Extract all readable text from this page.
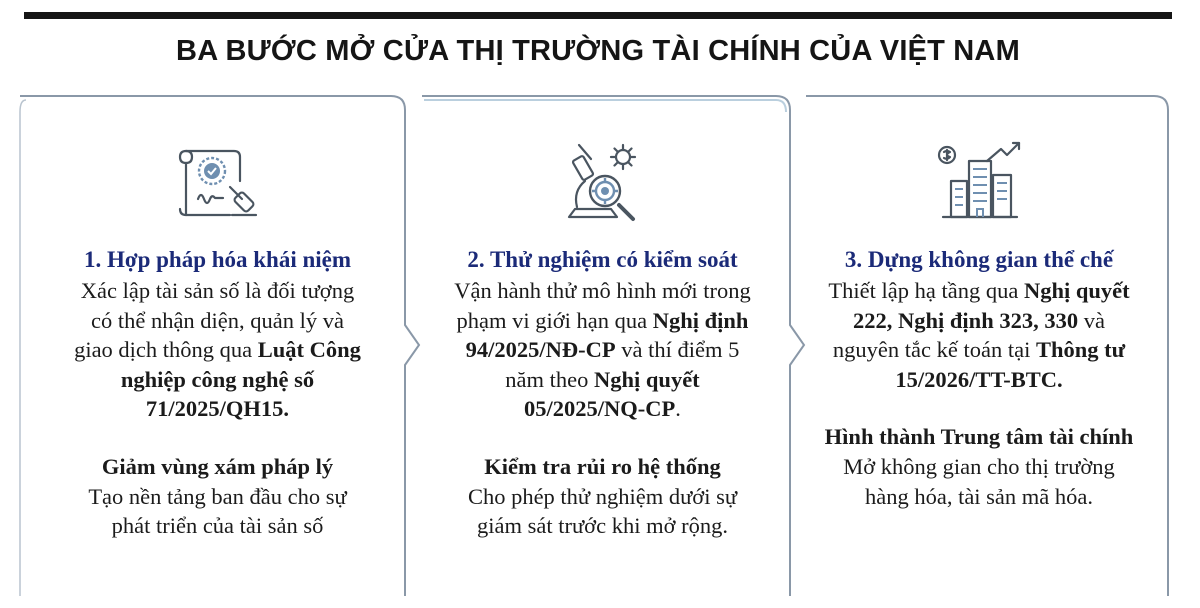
BA BƯỚC MỞ CỬA THỊ TRƯỜNG TÀI CHÍNH CỦA VIỆT NAM
1. Hợp pháp hóa khái niệm
Xác lập tài sản số là đối tượng
có thể nhận diện, quản lý và
giao dịch thông qua Luật Công
nghiệp công nghệ số
71/2025/QH15.
Giảm vùng xám pháp lý
Tạo nền tảng ban đầu cho sự
phát triển của tài sản số
2. Thử nghiệm có kiểm soát
Vận hành thử mô hình mới trong
phạm vi giới hạn qua Nghị định
94/2025/NĐ-CP và thí điểm 5
năm theo Nghị quyết
05/2025/NQ-CP.
Kiểm tra rủi ro hệ thống
Cho phép thử nghiệm dưới sự
giám sát trước khi mở rộng.
3. Dựng không gian thể chế
Thiết lập hạ tầng qua Nghị quyết
222, Nghị định 323, 330 và
nguyên tắc kế toán tại Thông tư
15/2026/TT-BTC.
Hình thành Trung tâm tài chính
Mở không gian cho thị trường
hàng hóa, tài sản mã hóa.
